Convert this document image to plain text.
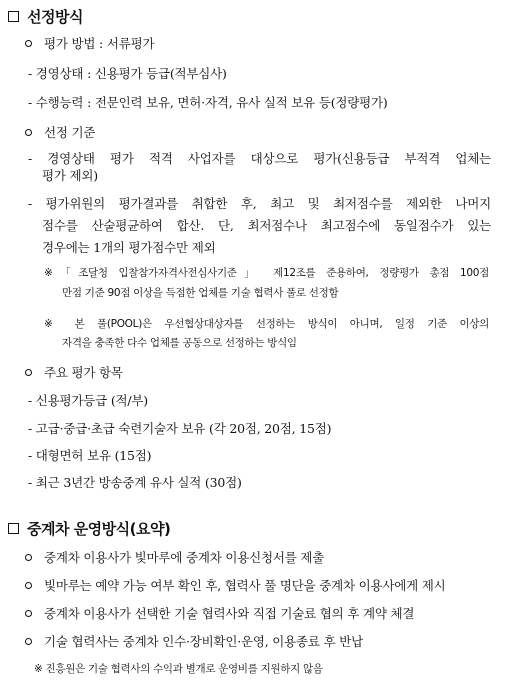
선정방식
평가 방법 : 서류평가
- 경영상태 : 신용평가 등급(적부심사)
- 수행능력 : 전문인력 보유, 면허·자격, 유사 실적 보유 등(정량평가)
선정 기준
- 경영상태 평가 적격 사업자를 대상으로 평가(신용등급 부적격 업체는
평가 제외)
- 평가위원의 평가결과를 취합한 후, 최고 및 최저점수를 제외한 나머지
점수를 산술평균하여 합산. 단, 최저점수나 최고점수에 동일점수가 있는
경우에는 1개의 평가점수만 제외
※「조달청 입찰참가자격사전심사기준」 제12조를 준용하여, 정량평가 총점 100점
만점 기준 90점 이상을 득점한 업체를 기술 협력사 풀로 선정함
※ 본 풀(POOL)은 우선협상대상자를 선정하는 방식이 아니며, 일정 기준 이상의
자격을 충족한 다수 업체를 공동으로 선정하는 방식임
주요 평가 항목
- 신용평가등급 (적/부)
- 고급·중급·초급 숙련기술자 보유 (각 20점, 20점, 15점)
- 대형면허 보유 (15점)
- 최근 3년간 방송중계 유사 실적 (30점)
중계차 운영방식(요약)
중계차 이용사가 빛마루에 중계차 이용신청서를 제출
빛마루는 예약 가능 여부 확인 후, 협력사 풀 명단을 중계차 이용사에게 제시
중계차 이용사가 선택한 기술 협력사와 직접 기술료 협의 후 계약 체결
기술 협력사는 중계차 인수·장비확인·운영, 이용종료 후 반납
※ 진흥원은 기술 협력사의 수익과 별개로 운영비를 지원하지 않음
